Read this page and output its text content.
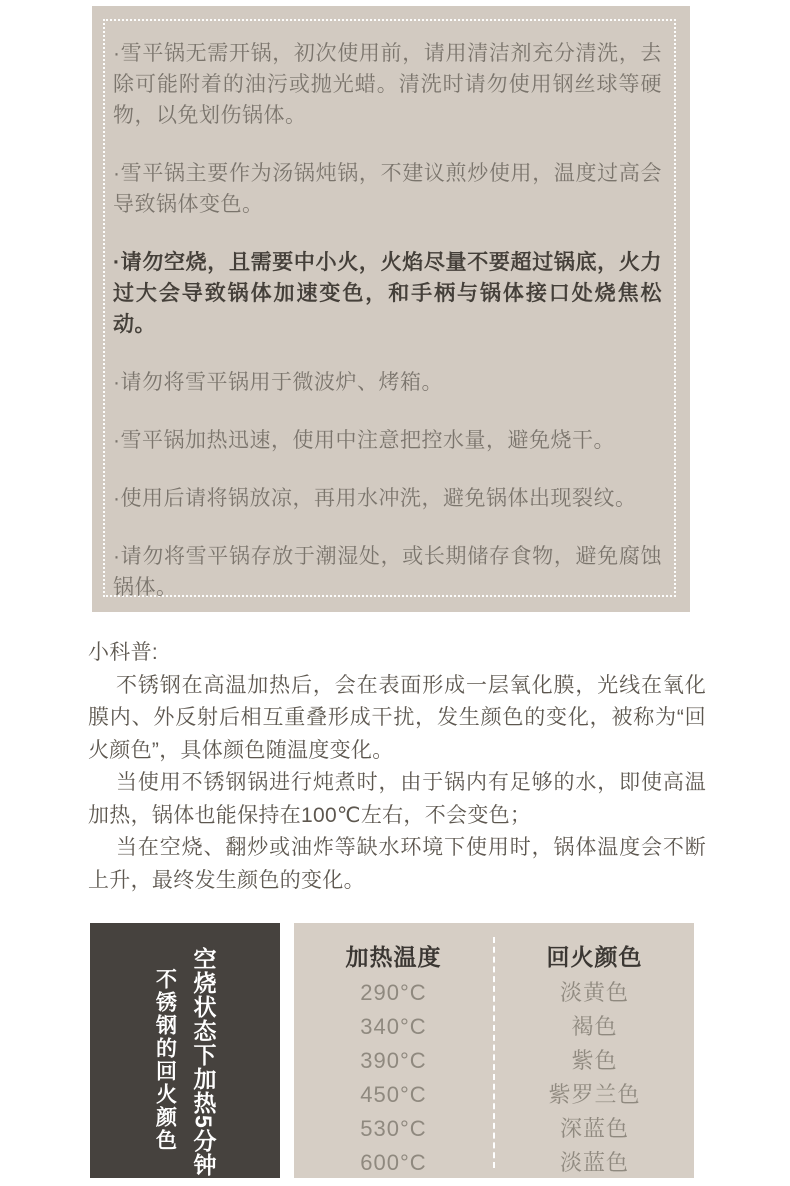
·雪平锅无需开锅，初次使用前，请用清洁剂充分清洗，去除可能附着的油污或抛光蜡。清洗时请勿使用钢丝球等硬物，以免划伤锅体。

·雪平锅主要作为汤锅炖锅，不建议煎炒使用，温度过高会导致锅体变色。

·请勿空烧，且需要中小火，火焰尽量不要超过锅底，火力过大会导致锅体加速变色，和手柄与锅体接口处烧焦松动。

·请勿将雪平锅用于微波炉、烤箱。

·雪平锅加热迅速，使用中注意把控水量，避免烧干。

·使用后请将锅放凉，再用水冲洗，避免锅体出现裂纹。

·请勿将雪平锅存放于潮湿处，或长期储存食物，避免腐蚀锅体。

小科普:

不锈钢在高温加热后，会在表面形成一层氧化膜，光线在氧化膜内、外反射后相互重叠形成干扰，发生颜色的变化，被称为“回火颜色”，具体颜色随温度变化。

当使用不锈钢锅进行炖煮时，由于锅内有足够的水，即使高温加热，锅体也能保持在100℃左右，不会变色；

当在空烧、翻炒或油炸等缺水环境下使用时，锅体温度会不断上升，最终发生颜色的变化。

空烧状态下加热5分钟
不锈钢的回火颜色
加热温度
290°C
340°C
390°C
450°C
530°C
600°C
回火颜色
淡黄色
褐色
紫色
紫罗兰色
深蓝色
淡蓝色
